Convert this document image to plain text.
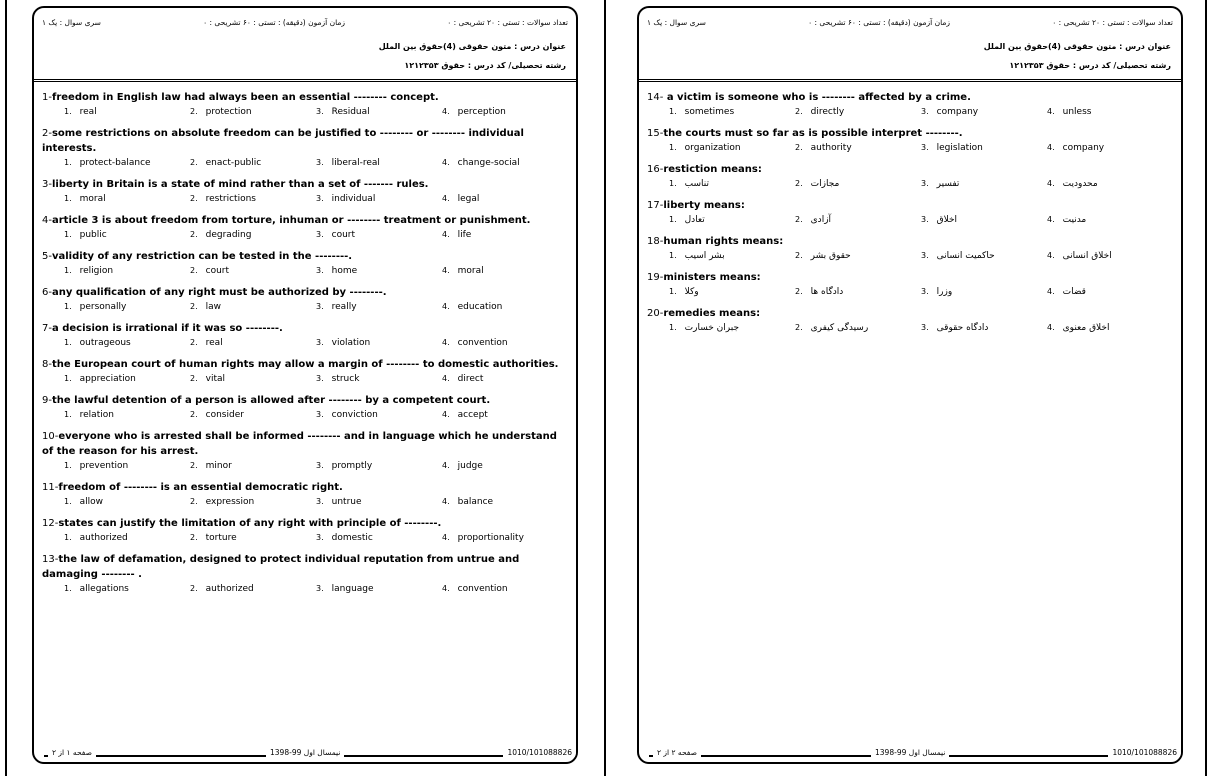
تعداد سوالات : تستی : ۲۰ تشریحی : ۰
زمان آزمون (دقیقه) : تستی : ۶۰ تشریحی : ۰
سری سوال : یک ۱
عنوان درس : متون حقوقی (4)حقوق بین الملل
رشته تحصیلی/ کد درس : حقوق ۱۲۱۲۳۵۳
1-freedom in English law had always been an essential -------- concept.
1. real	2. protection	3. Residual	4. perception
2-some restrictions on absolute freedom can be justified to -------- or -------- individual interests.
1. protect-balance	2. enact-public	3. liberal-real	4. change-social
3-liberty in Britain is a state of mind rather than a set of ------- rules.
1. moral	2. restrictions	3. individual	4. legal
4-article 3 is about freedom from torture, inhuman or -------- treatment or punishment.
1. public	2. degrading	3. court	4. life
5-validity of any restriction can be tested in the --------.
1. religion	2. court	3. home	4. moral
6-any qualification of any right must be authorized by --------.
1. personally	2. law	3. really	4. education
7-a decision is irrational if it was so --------.
1. outrageous	2. real	3. violation	4. convention
8-the European court of human rights may allow a margin of -------- to domestic authorities.
1. appreciation	2. vital	3. struck	4. direct
9-the lawful detention of a person is allowed after -------- by a competent court.
1. relation	2. consider	3. conviction	4. accept
10-everyone who is arrested shall be informed -------- and in language which he understand of the reason for his arrest.
1. prevention	2. minor	3. promptly	4. judge
11-freedom of -------- is an essential democratic right.
1. allow	2. expression	3. untrue	4. balance
12-states can justify the limitation of any right with principle of --------.
1. authorized	2. torture	3. domestic	4. proportionality
13-the law of defamation, designed to protect individual reputation from untrue and damaging -------- .
1. allegations	2. authorized	3. language	4. convention
صفحه ۱ از ۲	نیمسال اول 99-1398	1010/101088826
تعداد سوالات : تستی : ۲۰ تشریحی : ۰
زمان آزمون (دقیقه) : تستی : ۶۰ تشریحی : ۰
سری سوال : یک ۱
عنوان درس : متون حقوقی (4)حقوق بین الملل
رشته تحصیلی/ کد درس : حقوق ۱۲۱۲۳۵۳
14- a victim is someone who is -------- affected by a crime.
1. sometimes	2. directly	3. company	4. unless
15-the courts must so far as is possible interpret --------.
1. organization	2. authority	3. legislation	4. company
16-restiction means:
1. تناسب	2. مجازات	3. تفسیر	4. محدودیت
17-liberty means:
1. تعادل	2. آزادی	3. اخلاق	4. مدنیت
18-human rights means:
1. بشر اسیب	2. حقوق بشر	3. حاکمیت انسانی	4. اخلاق انسانی
19-ministers means:
1. وکلا	2. دادگاه ها	3. وزرا	4. قضات
20-remedies means:
1. جبران خسارت	2. رسیدگی کیفری	3. دادگاه حقوقی	4. اخلاق معنوی
صفحه ۲ از ۲	نیمسال اول 99-1398	1010/101088826
